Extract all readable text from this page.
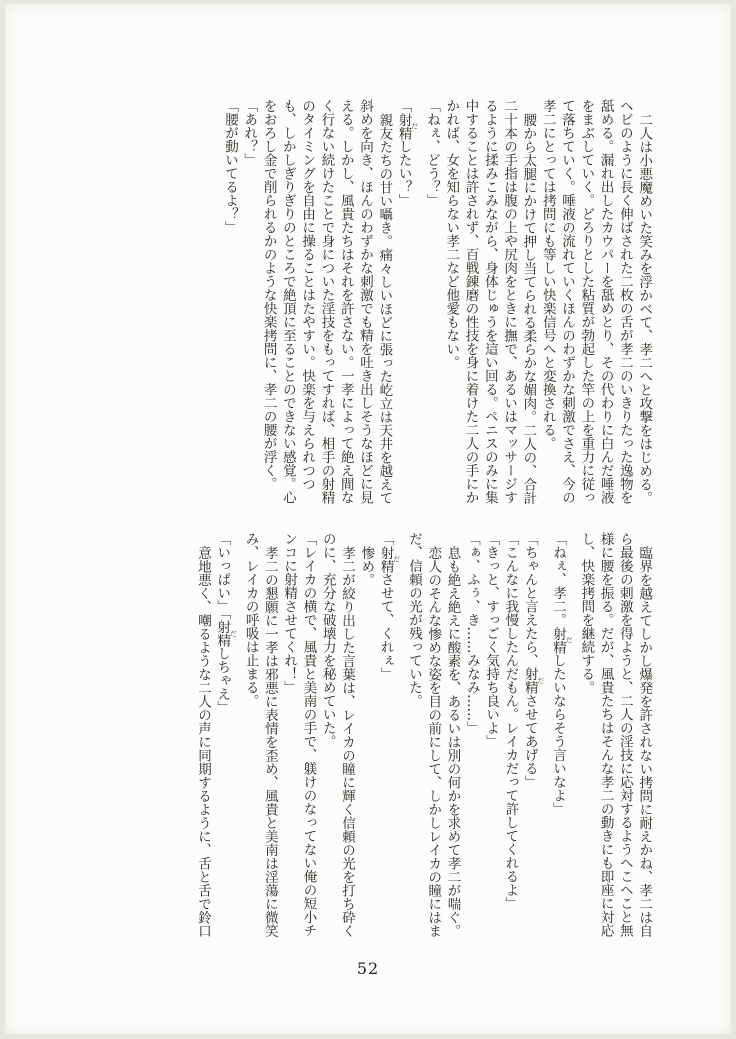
二人は小悪魔めいた笑みを浮かべて、孝二へと攻撃をはじめる。

ヘビのように長く伸ばされた二枚の舌が孝二のいきりたった逸物を

舐める。漏れ出したカウパーを舐めとり、その代わりに白んだ唾液

をまぶしていく。どろりとした粘質が勃起した竿の上を重力に従っ

て落ちていく。唾液の流れていくほんのわずかな刺激でさえ、今の

孝二にとっては拷問にも等しい快楽信号へと変換される。

腰から太腿にかけて押し当てられる柔らかな媚肉。二人の、合計

二十本の手指は腹の上や尻肉をときに撫で、あるいはマッサージす

るように揉みこみながら、身体じゅうを這い回る。ペニスのみに集

中することは許されず、百戦錬磨の性技を身に着けた二人の手にか

かれば、女を知らない孝二など他愛もない。

「ねぇ、どう？」

「射精 だしたい？」

親友たちの甘い囁き。痛々しいほどに張った屹立は天井を越えて

斜めを向き、ほんのわずかな刺激でも精を吐き出しそうなほどに見

える。しかし、風貴たちはそれを許さない。一孝によって絶え間な

く行ない続けたことで身についた淫技をもってすれば、相手の射精

のタイミングを自由に操ることはたやすい。快楽を与えられつつ

も、しかしぎりぎりのところで絶頂に至ることのできない感覚。心

をおろし金で削られるかのような快楽拷問に、孝二の腰が浮く。

「あれ？」

「腰が動いてるよ？」

臨界を越えてしかし爆発を許されない拷問に耐えかね、孝二は自

ら最後の刺激を得ようと、二人の淫技に応対するようへこへこと無

様に腰を振る。だが、風貴たちはそんな孝二の動きにも即座に対応

し、快楽拷問を継続する。

「ねぇ、孝二。射精 だしたいならそう言いなよ」

「ちゃんと言えたら、射精 ださせてあげる」

「こんなに我慢したんだもん。レイカだって許してくれるよ」

「きっと、すっごく気持ち良いよ」

「ぁ、ふぅ、き……みなみ……」

息も絶え絶えに酸素を、あるいは別の何かを求めて孝二が喘ぐ。

恋人のそんな惨めな姿を目の前にして、しかしレイカの瞳にはま

だ、信頼の光が残っていた。

「射精 ださせて、くれぇ」

惨め。

孝二が絞り出した言葉は、レイカの瞳に輝く信頼の光を打ち砕く

のに、充分な破壊力を秘めていた。

「レイカの横で、風貴と美南の手で、躾けのなってない俺の短小チ

ンコに射精させてくれ！」

孝二の懇願に一孝は邪悪に表情を歪め、風貴と美南は淫蕩に微笑

み、レイカの呼吸は止まる。

「いっぱい」「射精 だしちゃえ」

意地悪く、嘲るような二人の声に同期するように、舌と舌で鈴口

52
